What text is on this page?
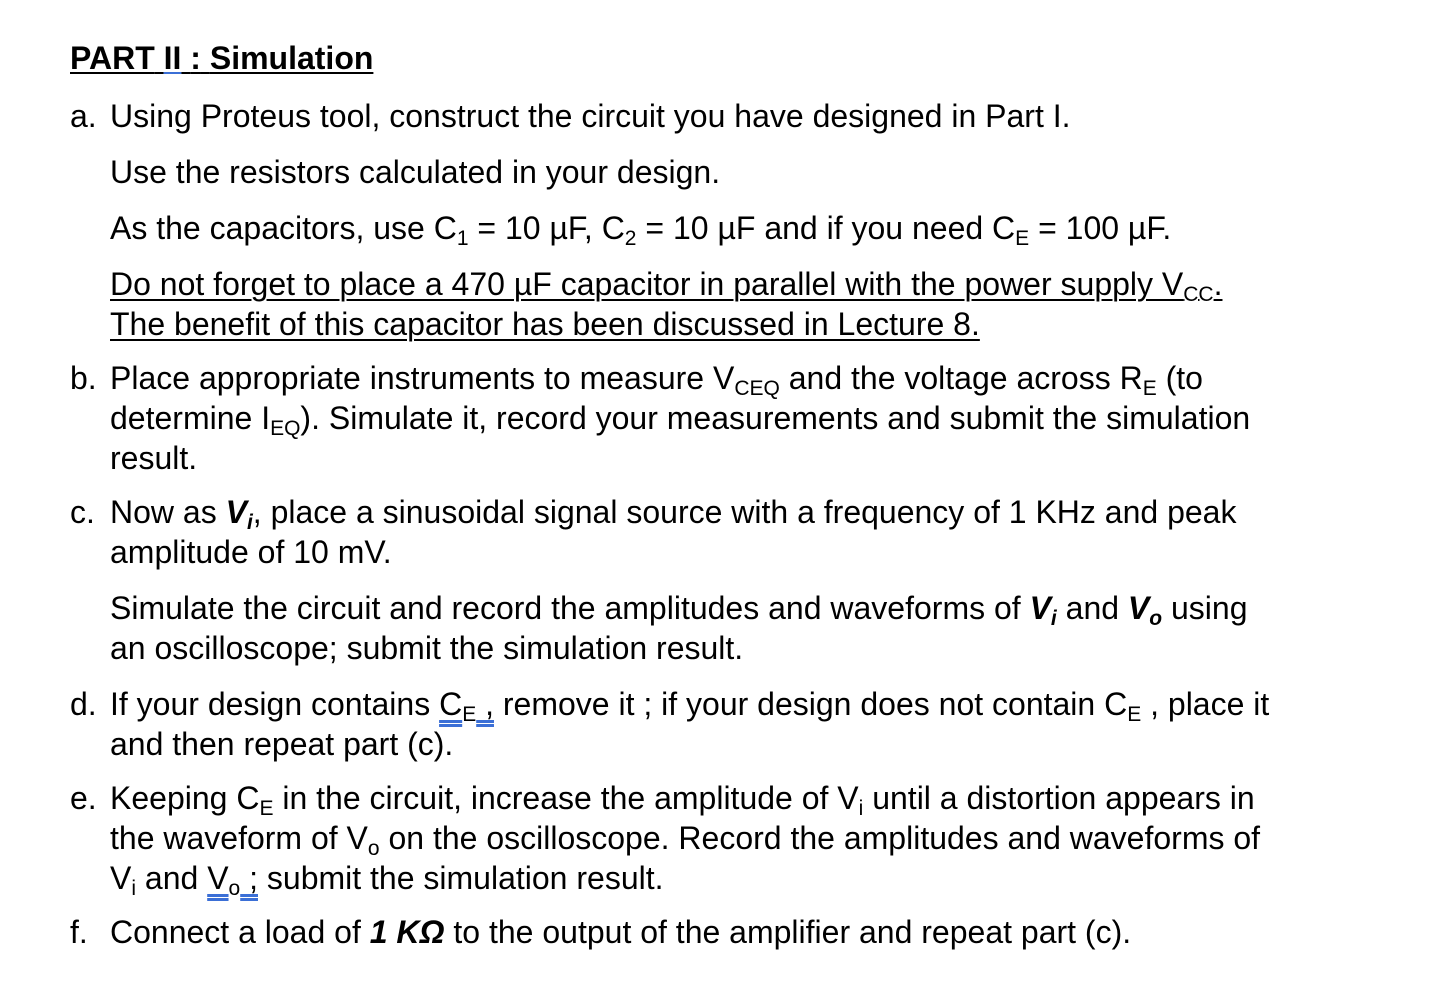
PART II : Simulation
a. Using Proteus tool, construct the circuit you have designed in Part I.
Use the resistors calculated in your design.
As the capacitors, use $C_1 = 10$ µF, $C_2 = 10$ µF and if you need $C_E = 100$ µF.
Do not forget to place a 470 µF capacitor in parallel with the power supply $V_{CC}$.
The benefit of this capacitor has been discussed in Lecture 8.
b. Place appropriate instruments to measure $V_{CEQ}$ and the voltage across $R_E$ (to
determine $I_{EQ}$). Simulate it, record your measurements and submit the simulation
result.
c. Now as $V_i$, place a sinusoidal signal source with a frequency of 1 KHz and peak
amplitude of 10 mV.
Simulate the circuit and record the amplitudes and waveforms of $V_i$ and $V_o$ using
an oscilloscope; submit the simulation result.
d. If your design contains $C_E$ , remove it ; if your design does not contain $C_E$ , place it
and then repeat part (c).
e. Keeping $C_E$ in the circuit, increase the amplitude of $V_i$ until a distortion appears in
the waveform of $V_o$ on the oscilloscope. Record the amplitudes and waveforms of
$V_i$ and $V_o$ ; submit the simulation result.
f. Connect a load of 1 KΩ to the output of the amplifier and repeat part (c).
